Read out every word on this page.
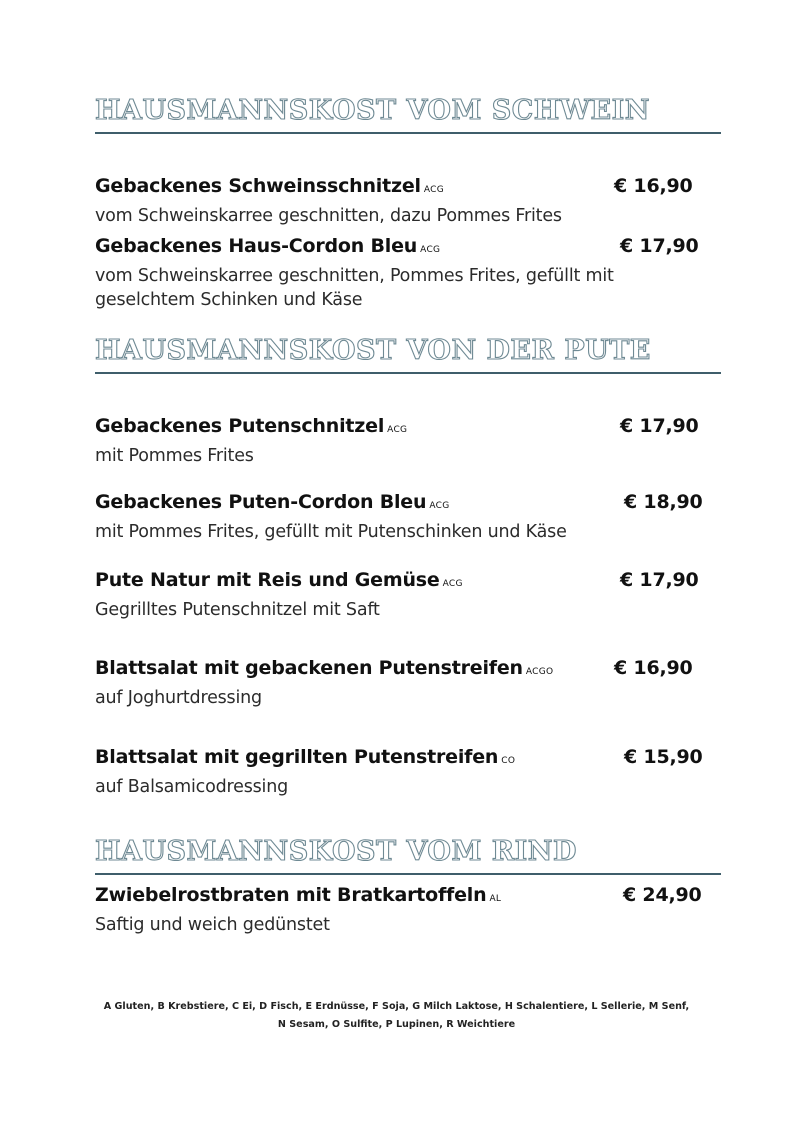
HAUSMANNSKOST VOM SCHWEIN

Gebackenes Schweinsschnitzel ACG	€ 16,90

vom Schweinskarree geschnitten, dazu Pommes Frites

Gebackenes Haus-Cordon Bleu ACG	€ 17,90

vom Schweinskarree geschnitten, Pommes Frites, gefüllt mit geselchtem Schinken und Käse

HAUSMANNSKOST VON DER PUTE

Gebackenes Putenschnitzel ACG	€ 17,90

mit Pommes Frites

Gebackenes Puten-Cordon Bleu ACG	€ 18,90

mit Pommes Frites, gefüllt mit Putenschinken und Käse

Pute Natur mit Reis und Gemüse ACG	€ 17,90

Gegrilltes Putenschnitzel mit Saft

Blattsalat mit gebackenen Putenstreifen ACGO	€ 16,90

auf Joghurtdressing

Blattsalat mit gegrillten Putenstreifen CO	€ 15,90

auf Balsamicodressing

HAUSMANNSKOST VOM RIND

Zwiebelrostbraten mit Bratkartoffeln AL	€ 24,90

Saftig und weich gedünstet

A Gluten, B Krebstiere, C Ei, D Fisch, E Erdnüsse, F Soja, G Milch Laktose, H Schalentiere, L Sellerie, M Senf,

N Sesam, O Sulfite, P Lupinen, R Weichtiere
